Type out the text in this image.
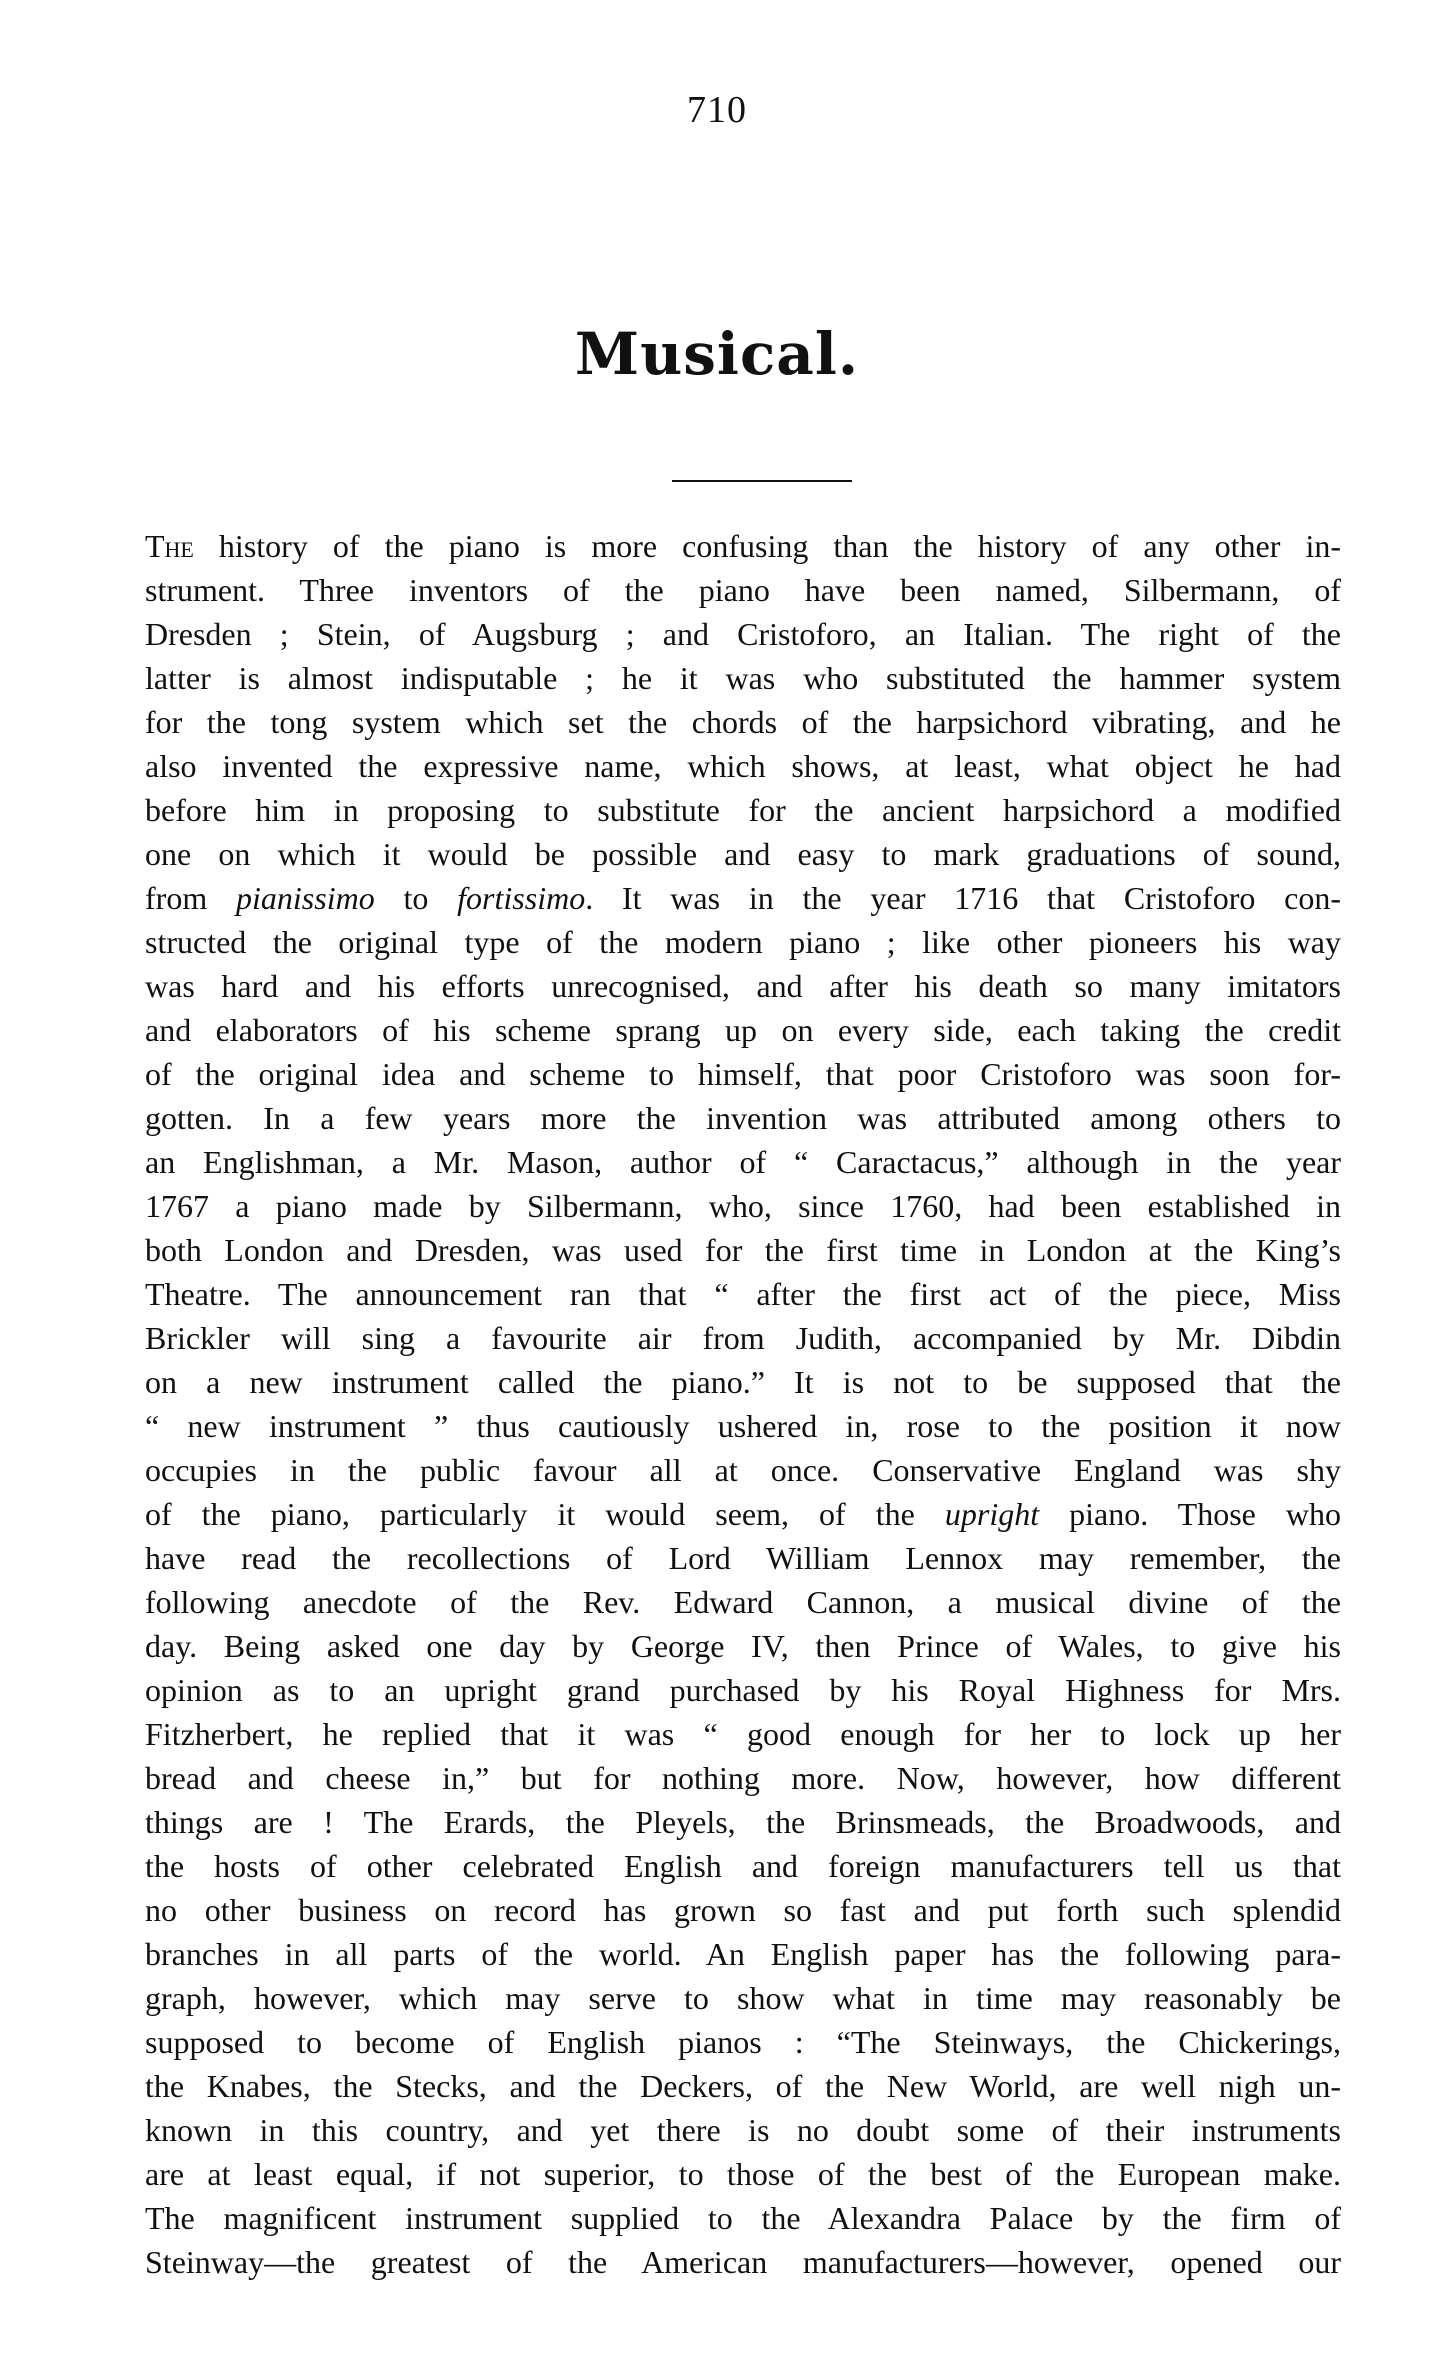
710
Musical.
The history of the piano is more confusing than the history of any other in-
strument. Three inventors of the piano have been named, Silbermann, of
Dresden ; Stein, of Augsburg ; and Cristoforo, an Italian. The right of the
latter is almost indisputable ; he it was who substituted the hammer system
for the tong system which set the chords of the harpsichord vibrating, and he
also invented the expressive name, which shows, at least, what object he had
before him in proposing to substitute for the ancient harpsichord a modified
one on which it would be possible and easy to mark graduations of sound,
from pianissimo to fortissimo. It was in the year 1716 that Cristoforo con-
structed the original type of the modern piano ; like other pioneers his way
was hard and his efforts unrecognised, and after his death so many imitators
and elaborators of his scheme sprang up on every side, each taking the credit
of the original idea and scheme to himself, that poor Cristoforo was soon for-
gotten. In a few years more the invention was attributed among others to
an Englishman, a Mr. Mason, author of “ Caractacus,” although in the year
1767 a piano made by Silbermann, who, since 1760, had been established in
both London and Dresden, was used for the first time in London at the King’s
Theatre. The announcement ran that “ after the first act of the piece, Miss
Brickler will sing a favourite air from Judith, accompanied by Mr. Dibdin
on a new instrument called the piano.” It is not to be supposed that the
“ new instrument ” thus cautiously ushered in, rose to the position it now
occupies in the public favour all at once. Conservative England was shy
of the piano, particularly it would seem, of the upright piano. Those who
have read the recollections of Lord William Lennox may remember, the
following anecdote of the Rev. Edward Cannon, a musical divine of the
day. Being asked one day by George IV, then Prince of Wales, to give his
opinion as to an upright grand purchased by his Royal Highness for Mrs.
Fitzherbert, he replied that it was “ good enough for her to lock up her
bread and cheese in,” but for nothing more. Now, however, how different
things are ! The Erards, the Pleyels, the Brinsmeads, the Broadwoods, and
the hosts of other celebrated English and foreign manufacturers tell us that
no other business on record has grown so fast and put forth such splendid
branches in all parts of the world. An English paper has the following para-
graph, however, which may serve to show what in time may reasonably be
supposed to become of English pianos : “The Steinways, the Chickerings,
the Knabes, the Stecks, and the Deckers, of the New World, are well nigh un-
known in this country, and yet there is no doubt some of their instruments
are at least equal, if not superior, to those of the best of the European make.
The magnificent instrument supplied to the Alexandra Palace by the firm of
Steinway—the greatest of the American manufacturers—however, opened our
